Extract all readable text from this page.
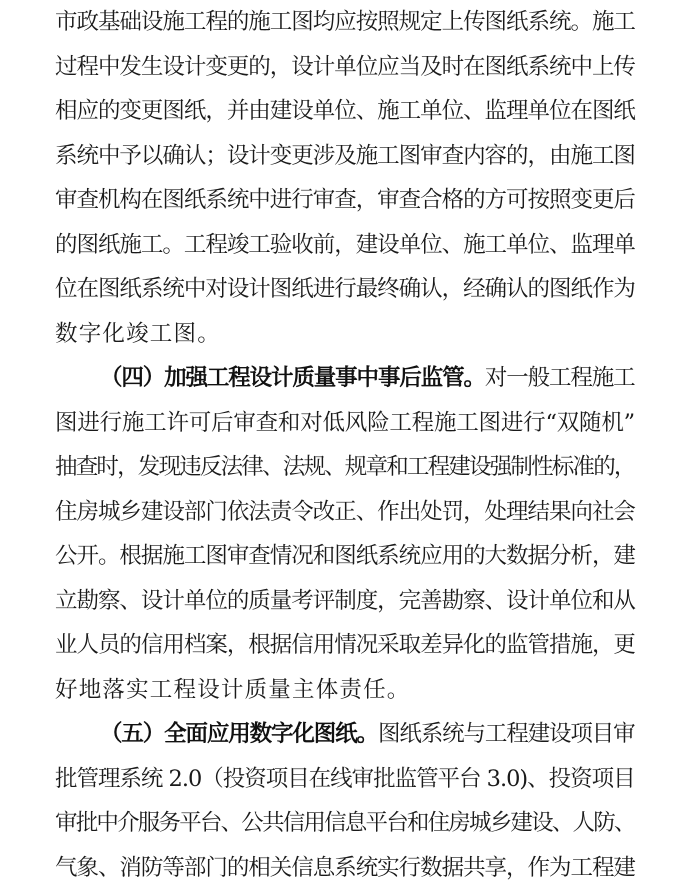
市政基础设施工程的施工图均应按照规定上传图纸系统。施工
过程中发生设计变更的，设计单位应当及时在图纸系统中上传
相应的变更图纸，并由建设单位、施工单位、监理单位在图纸
系统中予以确认；设计变更涉及施工图审查内容的，由施工图
审查机构在图纸系统中进行审查，审查合格的方可按照变更后
的图纸施工。工程竣工验收前，建设单位、施工单位、监理单
位在图纸系统中对设计图纸进行最终确认，经确认的图纸作为
数字化竣工图。
（四）加强工程设计质量事中事后监管。对一般工程施工
图进行施工许可后审查和对低风险工程施工图进行“双随机”
抽查时，发现违反法律、法规、规章和工程建设强制性标准的，
住房城乡建设部门依法责令改正、作出处罚，处理结果向社会
公开。根据施工图审查情况和图纸系统应用的大数据分析，建
立勘察、设计单位的质量考评制度，完善勘察、设计单位和从
业人员的信用档案，根据信用情况采取差异化的监管措施，更
好地落实工程设计质量主体责任。
（五）全面应用数字化图纸。图纸系统与工程建设项目审
批管理系统 2.0（投资项目在线审批监管平台 3.0)、投资项目
审批中介服务平台、公共信用信息平台和住房城乡建设、人防、
气象、消防等部门的相关信息系统实行数据共享，作为工程建
